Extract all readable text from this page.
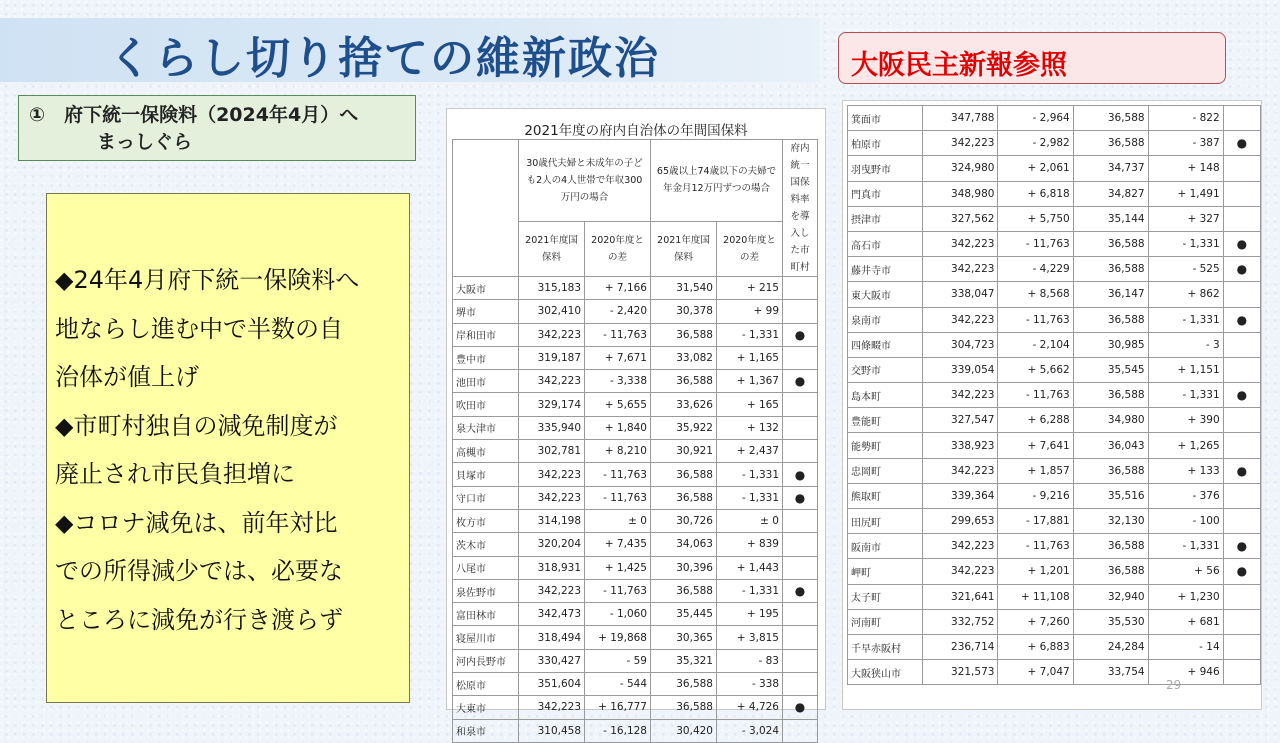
くらし切り捨ての維新政治	大阪民主新報参照
①　府下統一保険料（2024年4月）へ
まっしぐら

◆24年4月府下統一保険料へ

地ならし進む中で半数の自

治体が値上げ

◆市町村独自の減免制度が

廃止され市民負担増に

◆コロナ減免は、前年対比

での所得減少では、必要な

ところに減免が行き渡らず

2021年度の府内自治体の年間国保料
	30歳代夫婦と未成年の子ども2人の4人世帯で年収300万円の場合		65歳以上74歳以下の夫婦で年金月12万円ずつの場合		府内統一国保料率を導入した市町村
	2021年度国保料	2020年度との差	2021年度国保料	2020年度との差	
大阪市	315,183	+ 7,166	31,540	+ 215	
堺市	302,410	- 2,420	30,378	+ 99	
岸和田市	342,223	- 11,763	36,588	- 1,331	●
豊中市	319,187	+ 7,671	33,082	+ 1,165	
池田市	342,223	- 3,338	36,588	+ 1,367	●
吹田市	329,174	+ 5,655	33,626	+ 165	
泉大津市	335,940	+ 1,840	35,922	+ 132	
高槻市	302,781	+ 8,210	30,921	+ 2,437	
貝塚市	342,223	- 11,763	36,588	- 1,331	●
守口市	342,223	- 11,763	36,588	- 1,331	●
枚方市	314,198	± 0	30,726	± 0	
茨木市	320,204	+ 7,435	34,063	+ 839	
八尾市	318,931	+ 1,425	30,396	+ 1,443	
泉佐野市	342,223	- 11,763	36,588	- 1,331	●
富田林市	342,473	- 1,060	35,445	+ 195	
寝屋川市	318,494	+ 19,868	30,365	+ 3,815	
河内長野市	330,427	- 59	35,321	- 83	
松原市	351,604	- 544	36,588	- 338	
大東市	342,223	+ 16,777	36,588	+ 4,726	●
和泉市	310,458	- 16,128	30,420	- 3,024	
箕面市	347,788	- 2,964	36,588	- 822	
柏原市	342,223	- 2,982	36,588	- 387	●
羽曳野市	324,980	+ 2,061	34,737	+ 148	
門真市	348,980	+ 6,818	34,827	+ 1,491	
摂津市	327,562	+ 5,750	35,144	+ 327	
高石市	342,223	- 11,763	36,588	- 1,331	●
藤井寺市	342,223	- 4,229	36,588	- 525	●
東大阪市	338,047	+ 8,568	36,147	+ 862	
泉南市	342,223	- 11,763	36,588	- 1,331	●
四條畷市	304,723	- 2,104	30,985	- 3	
交野市	339,054	+ 5,662	35,545	+ 1,151	
島本町	342,223	- 11,763	36,588	- 1,331	●
豊能町	327,547	+ 6,288	34,980	+ 390	
能勢町	338,923	+ 7,641	36,043	+ 1,265	
忠岡町	342,223	+ 1,857	36,588	+ 133	●
熊取町	339,364	- 9,216	35,516	- 376	
田尻町	299,653	- 17,881	32,130	- 100	
阪南市	342,223	- 11,763	36,588	- 1,331	●
岬町	342,223	+ 1,201	36,588	+ 56	●
太子町	321,641	+ 11,108	32,940	+ 1,230	
河南町	332,752	+ 7,260	35,530	+ 681	
千早赤阪村	236,714	+ 6,883	24,284	- 14	
大阪狭山市	321,573	+ 7,047	33,754	+ 946	
29
